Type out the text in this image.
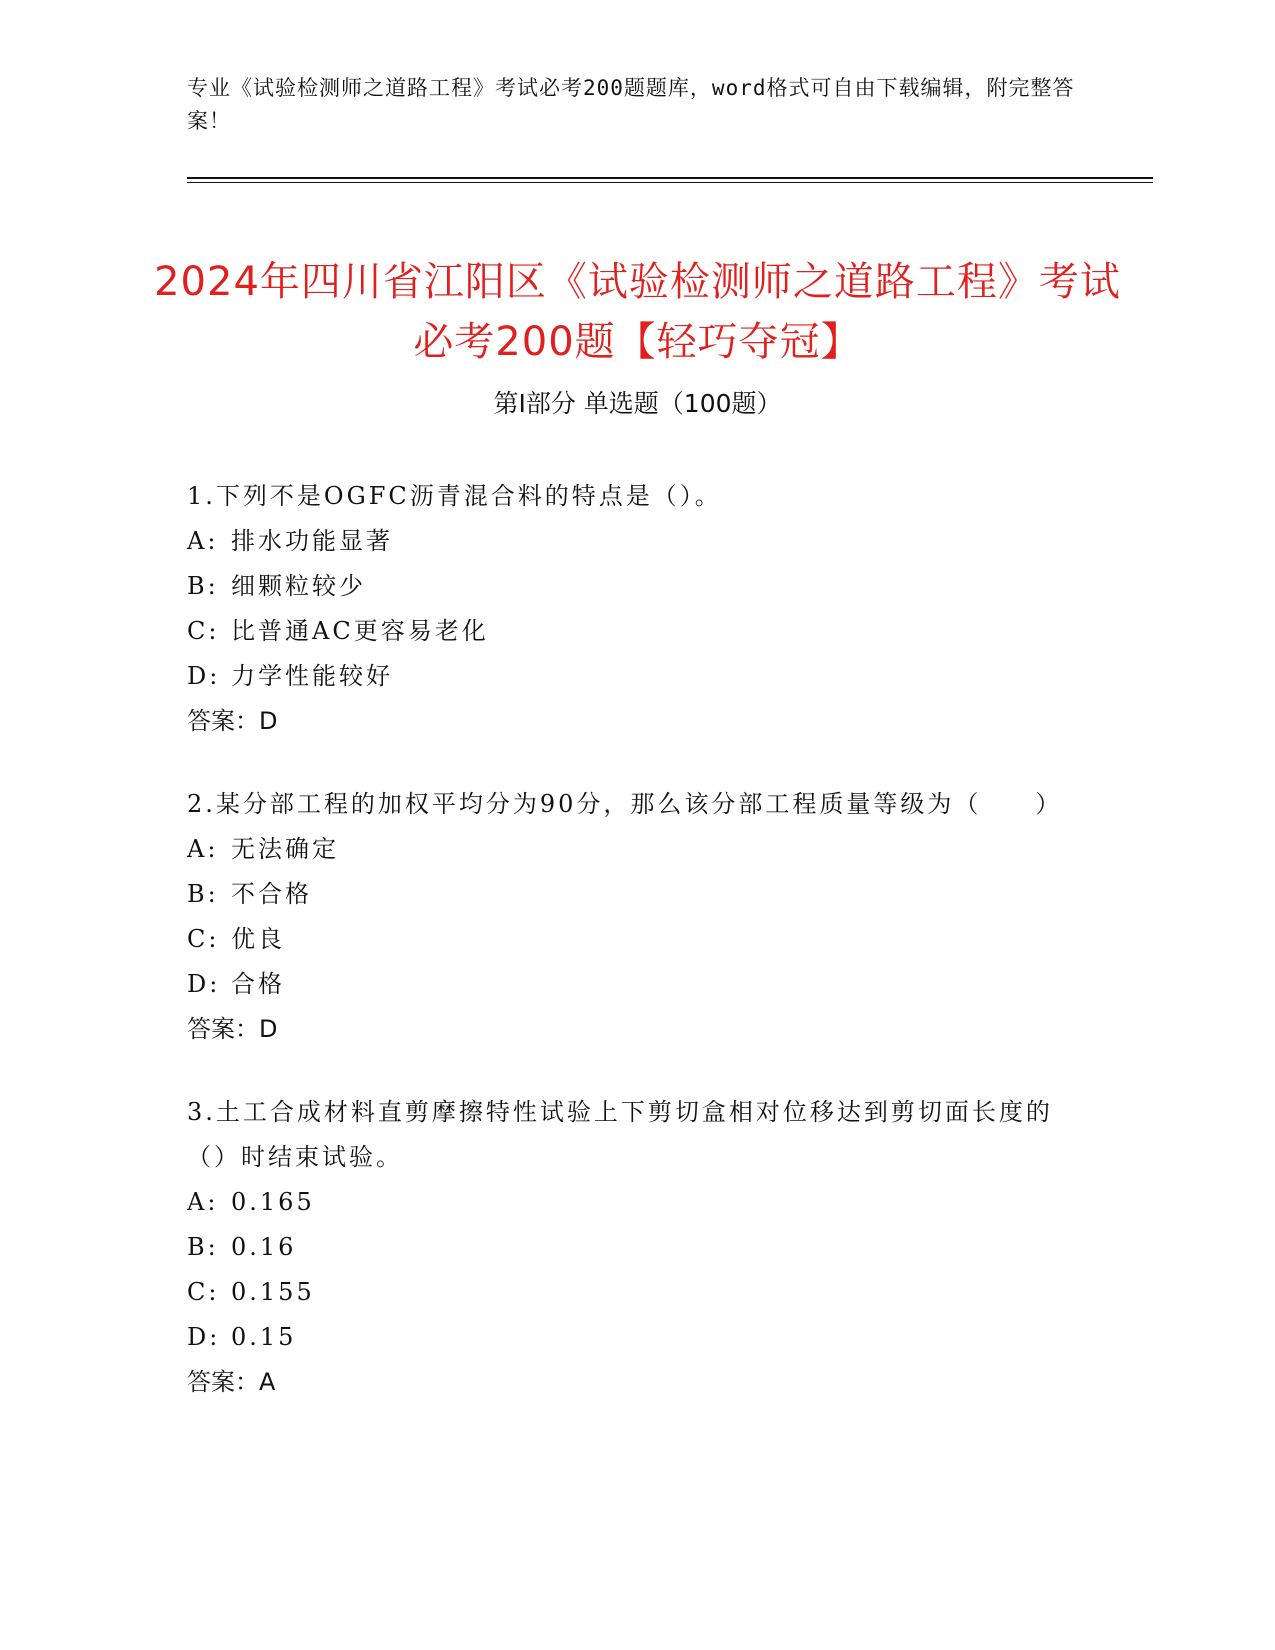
专业《试验检测师之道路工程》考试必考200题题库，word格式可自由下载编辑，附完整答案！
2024年四川省江阳区《试验检测师之道路工程》考试必考200题【轻巧夺冠】
第I部分 单选题（100题）

1.下列不是OGFC沥青混合料的特点是（）。

A: 排水功能显著
B: 细颗粒较少
C: 比普通AC更容易老化
D: 力学性能较好
答案：D

2.某分部工程的加权平均分为90分，那么该分部工程质量等级为（　　）

A: 无法确定
B: 不合格
C: 优良
D: 合格
答案：D

3.土工合成材料直剪摩擦特性试验上下剪切盒相对位移达到剪切面长度的（）时结束试验。

A: 0.165
B: 0.16
C: 0.155
D: 0.15
答案：A
